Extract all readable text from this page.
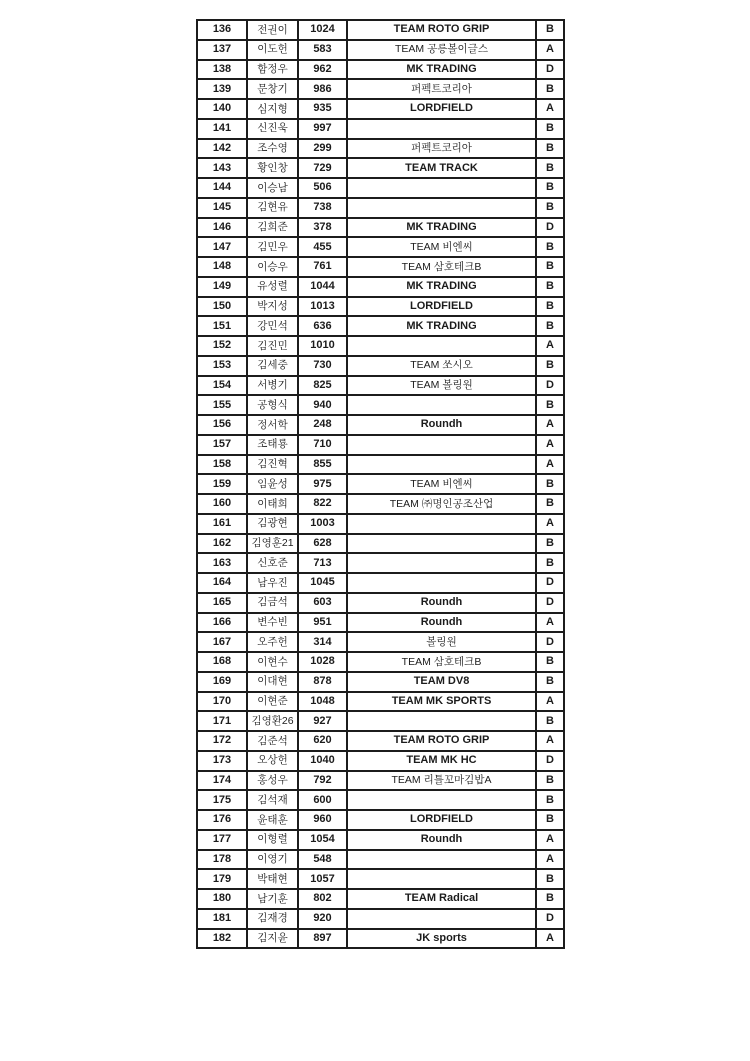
136	전권이	1024	TEAM ROTO GRIP	B
137	이도헌	583	TEAM 공릉볼이글스	A
138	함정우	962	MK TRADING	D
139	문창기	986	퍼펙트코리아	B
140	심지형	935	LORDFIELD	A
141	신진욱	997		B
142	조수영	299	퍼펙트코리아	B
143	황인창	729	TEAM TRACK	B
144	이승남	506		B
145	김현유	738		B
146	김희준	378	MK TRADING	D
147	김민우	455	TEAM 비엔씨	B
148	이승우	761	TEAM 삼호테크B	B
149	유성렬	1044	MK TRADING	B
150	박지성	1013	LORDFIELD	B
151	강민석	636	MK TRADING	B
152	김진민	1010		A
153	김세중	730	TEAM 쏘시오	B
154	서병기	825	TEAM 볼링원	D
155	공형식	940		B
156	정서학	248	Roundh	A
157	조태룡	710		A
158	김진혁	855		A
159	임윤성	975	TEAM 비엔씨	B
160	이태희	822	TEAM ㈜명인공조산업	B
161	김광현	1003		A
162	김영훈21	628		B
163	신호준	713		B
164	남우진	1045		D
165	김금석	603	Roundh	D
166	변수빈	951	Roundh	A
167	오주헌	314	볼링원	D
168	이현수	1028	TEAM 삼호테크B	B
169	이대현	878	TEAM DV8	B
170	이현준	1048	TEAM MK SPORTS	A
171	김영환26	927		B
172	김준석	620	TEAM ROTO GRIP	A
173	오상헌	1040	TEAM MK HC	D
174	홍성우	792	TEAM 리틀꼬마김밥A	B
175	김석재	600		B
176	윤태훈	960	LORDFIELD	B
177	이형렬	1054	Roundh	A
178	이영기	548		A
179	박태현	1057		B
180	남기훈	802	TEAM Radical	B
181	김재경	920		D
182	김지윤	897	JK sports	A
